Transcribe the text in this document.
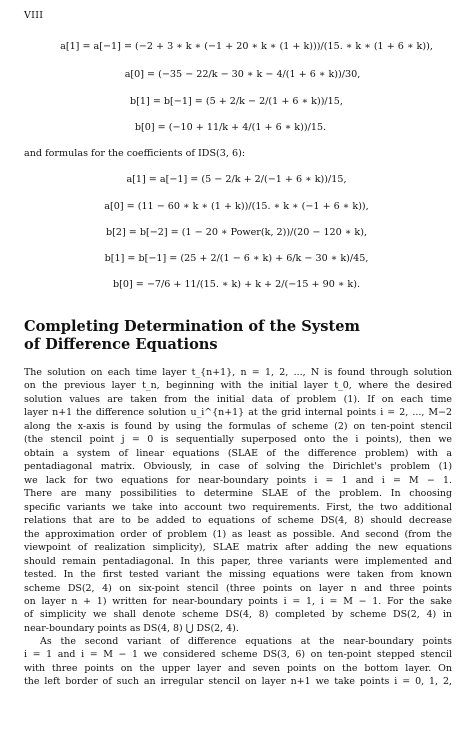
VIII
a[1] = a[−1] = (−2 + 3 ∗ k ∗ (−1 + 20 ∗ k ∗ (1 + k)))/(15. ∗ k ∗ (1 + 6 ∗ k)),
a[0] = (−35 − 22/k − 30 ∗ k − 4/(1 + 6 ∗ k))/30,
b[1] = b[−1] = (5 + 2/k − 2/(1 + 6 ∗ k))/15,
b[0] = (−10 + 11/k + 4/(1 + 6 ∗ k))/15.
and formulas for the coefficients of IDS(3, 6):
a[1] = a[−1] = (5 − 2/k + 2/(−1 + 6 ∗ k))/15,
a[0] = (11 − 60 ∗ k ∗ (1 + k))/(15. ∗ k ∗ (−1 + 6 ∗ k)),
b[2] = b[−2] = (1 − 20 ∗ Power(k, 2))/(20 − 120 ∗ k),
b[1] = b[−1] = (25 + 2/(1 − 6 ∗ k) + 6/k − 30 ∗ k)/45,
b[0] = −7/6 + 11/(15. ∗ k) + k + 2/(−15 + 90 ∗ k).
Completing Determination of the System
of Difference Equations
The solution on each time layer t_{n+1}, n = 1, 2, ..., N is found through solution
on the previous layer t_n, beginning with the initial layer t_0, where the desired
solution values are taken from the initial data of problem (1). If on each time
layer n+1 the difference solution u_i^{n+1} at the grid internal points i = 2, ..., M−2
along the x-axis is found by using the formulas of scheme (2) on ten-point stencil
(the stencil point j = 0 is sequentially superposed onto the i points), then we
obtain a system of linear equations (SLAE of the difference problem) with a
pentadiagonal matrix. Obviously, in case of solving the Dirichlet's problem (1)
we lack for two equations for near-boundary points i = 1 and i = M − 1.
There are many possibilities to determine SLAE of the problem. In choosing
specific variants we take into account two requirements. First, the two additional
relations that are to be added to equations of scheme DS(4, 8) should decrease
the approximation order of problem (1) as least as possible. And second (from the
viewpoint of realization simplicity), SLAE matrix after adding the new equations
should remain pentadiagonal. In this paper, three variants were implemented and
tested. In the first tested variant the missing equations were taken from known
scheme DS(2, 4) on six-point stencil (three points on layer n and three points
on layer n + 1) written for near-boundary points i = 1, i = M − 1. For the sake
of simplicity we shall denote scheme DS(4, 8) completed by scheme DS(2, 4) in
near-boundary points as DS(4, 8) ⋃ DS(2, 4).
As the second variant of difference equations at the near-boundary points
i = 1 and i = M − 1 we considered scheme DS(3, 6) on ten-point stepped stencil
with three points on the upper layer and seven points on the bottom layer. On
the left border of such an irregular stencil on layer n+1 we take points i = 0, 1, 2,
